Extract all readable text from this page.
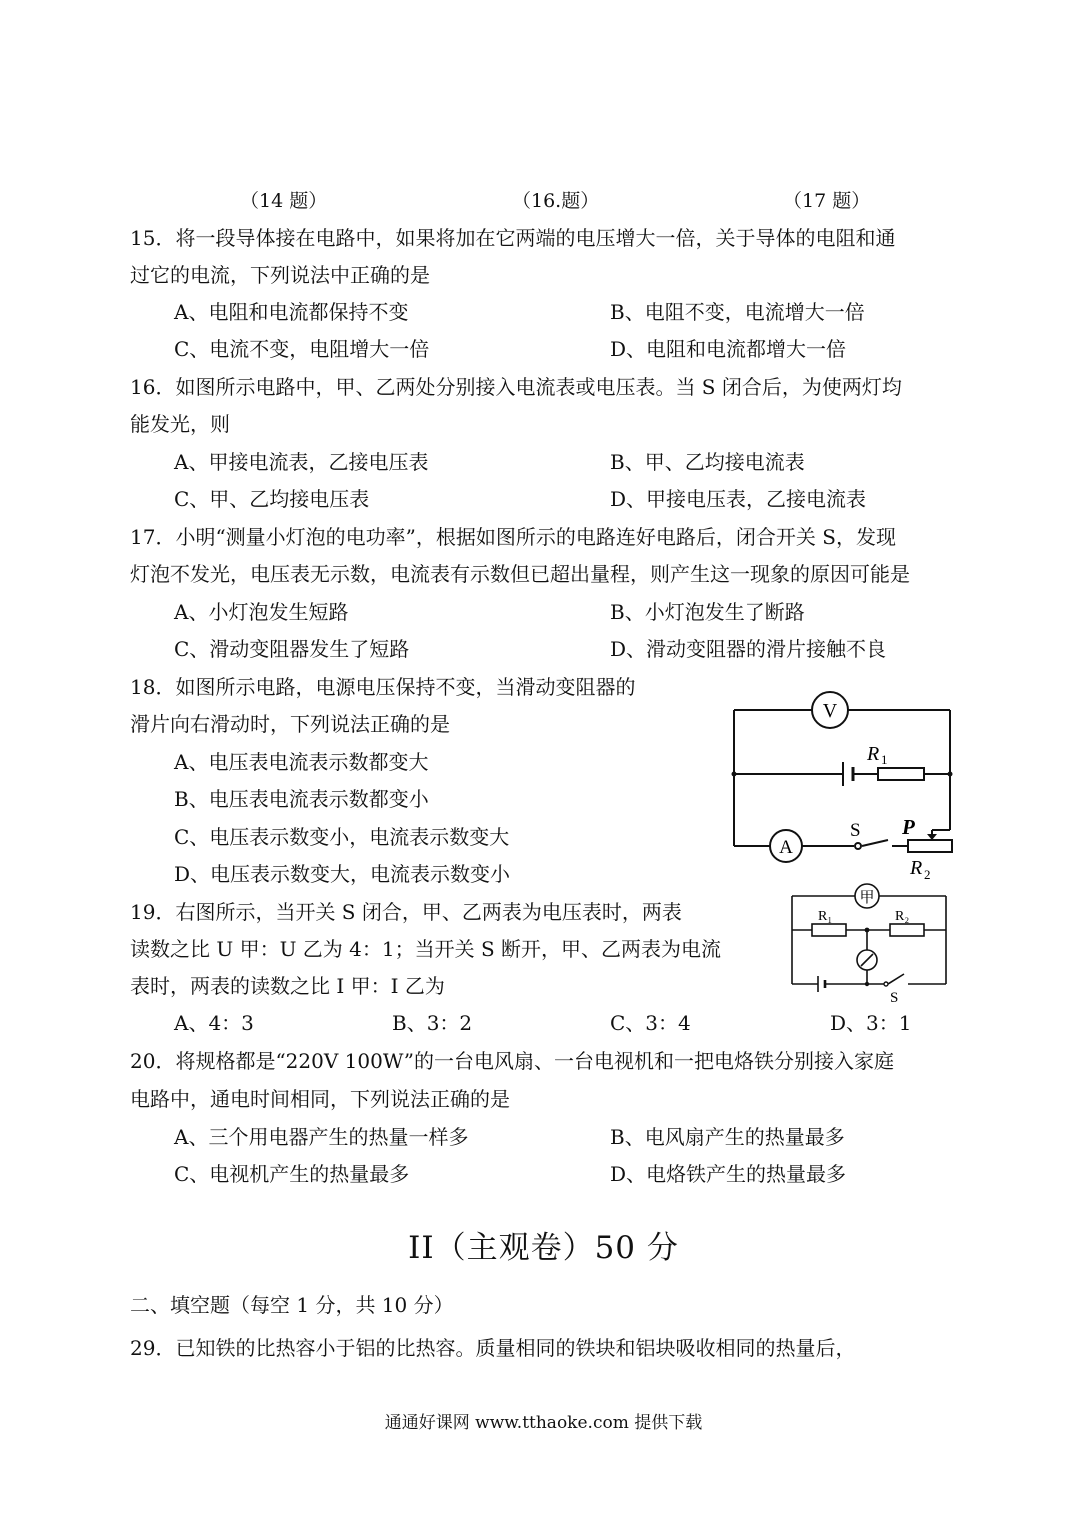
（14 题）	（16.题）	（17 题）
15．将一段导体接在电路中，如果将加在它两端的电压增大一倍，关于导体的电阻和通
过它的电流，下列说法中正确的是
A、电阻和电流都保持不变	B、电阻不变，电流增大一倍
C、电流不变，电阻增大一倍	D、电阻和电流都增大一倍
16．如图所示电路中，甲、乙两处分别接入电流表或电压表。当 S 闭合后，为使两灯均
能发光，则
A、甲接电流表，乙接电压表	B、甲、乙均接电流表
C、甲、乙均接电压表	D、甲接电压表，乙接电流表
17．小明“测量小灯泡的电功率”，根据如图所示的电路连好电路后，闭合开关 S，发现
灯泡不发光，电压表无示数，电流表有示数但已超出量程，则产生这一现象的原因可能是
A、小灯泡发生短路	B、小灯泡发生了断路
C、滑动变阻器发生了短路	D、滑动变阻器的滑片接触不良
18．如图所示电路，电源电压保持不变，当滑动变阻器的
滑片向右滑动时，下列说法正确的是
A、电压表电流表示数都变大
B、电压表电流表示数都变小
C、电压表示数变小，电流表示数变大
D、电压表示数变大，电流表示数变小
V
A
R 1
S P
R 2
19．右图所示，当开关 S 闭合，甲、乙两表为电压表时，两表
读数之比 U 甲：U 乙为 4：1；当开关 S 断开，甲、乙两表为电流
表时，两表的读数之比 I 甲：I 乙为
A、4：3	B、3：2	C、3：4	D、3：1
甲
R₁	R₂
S
20．将规格都是“220V 100W”的一台电风扇、一台电视机和一把电烙铁分别接入家庭
电路中，通电时间相同，下列说法正确的是
A、三个用电器产生的热量一样多	B、电风扇产生的热量最多
C、电视机产生的热量最多	D、电烙铁产生的热量最多
II（主观卷）50 分
二、填空题（每空 1 分，共 10 分）
29．已知铁的比热容小于铝的比热容。质量相同的铁块和铝块吸收相同的热量后，
通通好课网 www.tthaoke.com 提供下载
